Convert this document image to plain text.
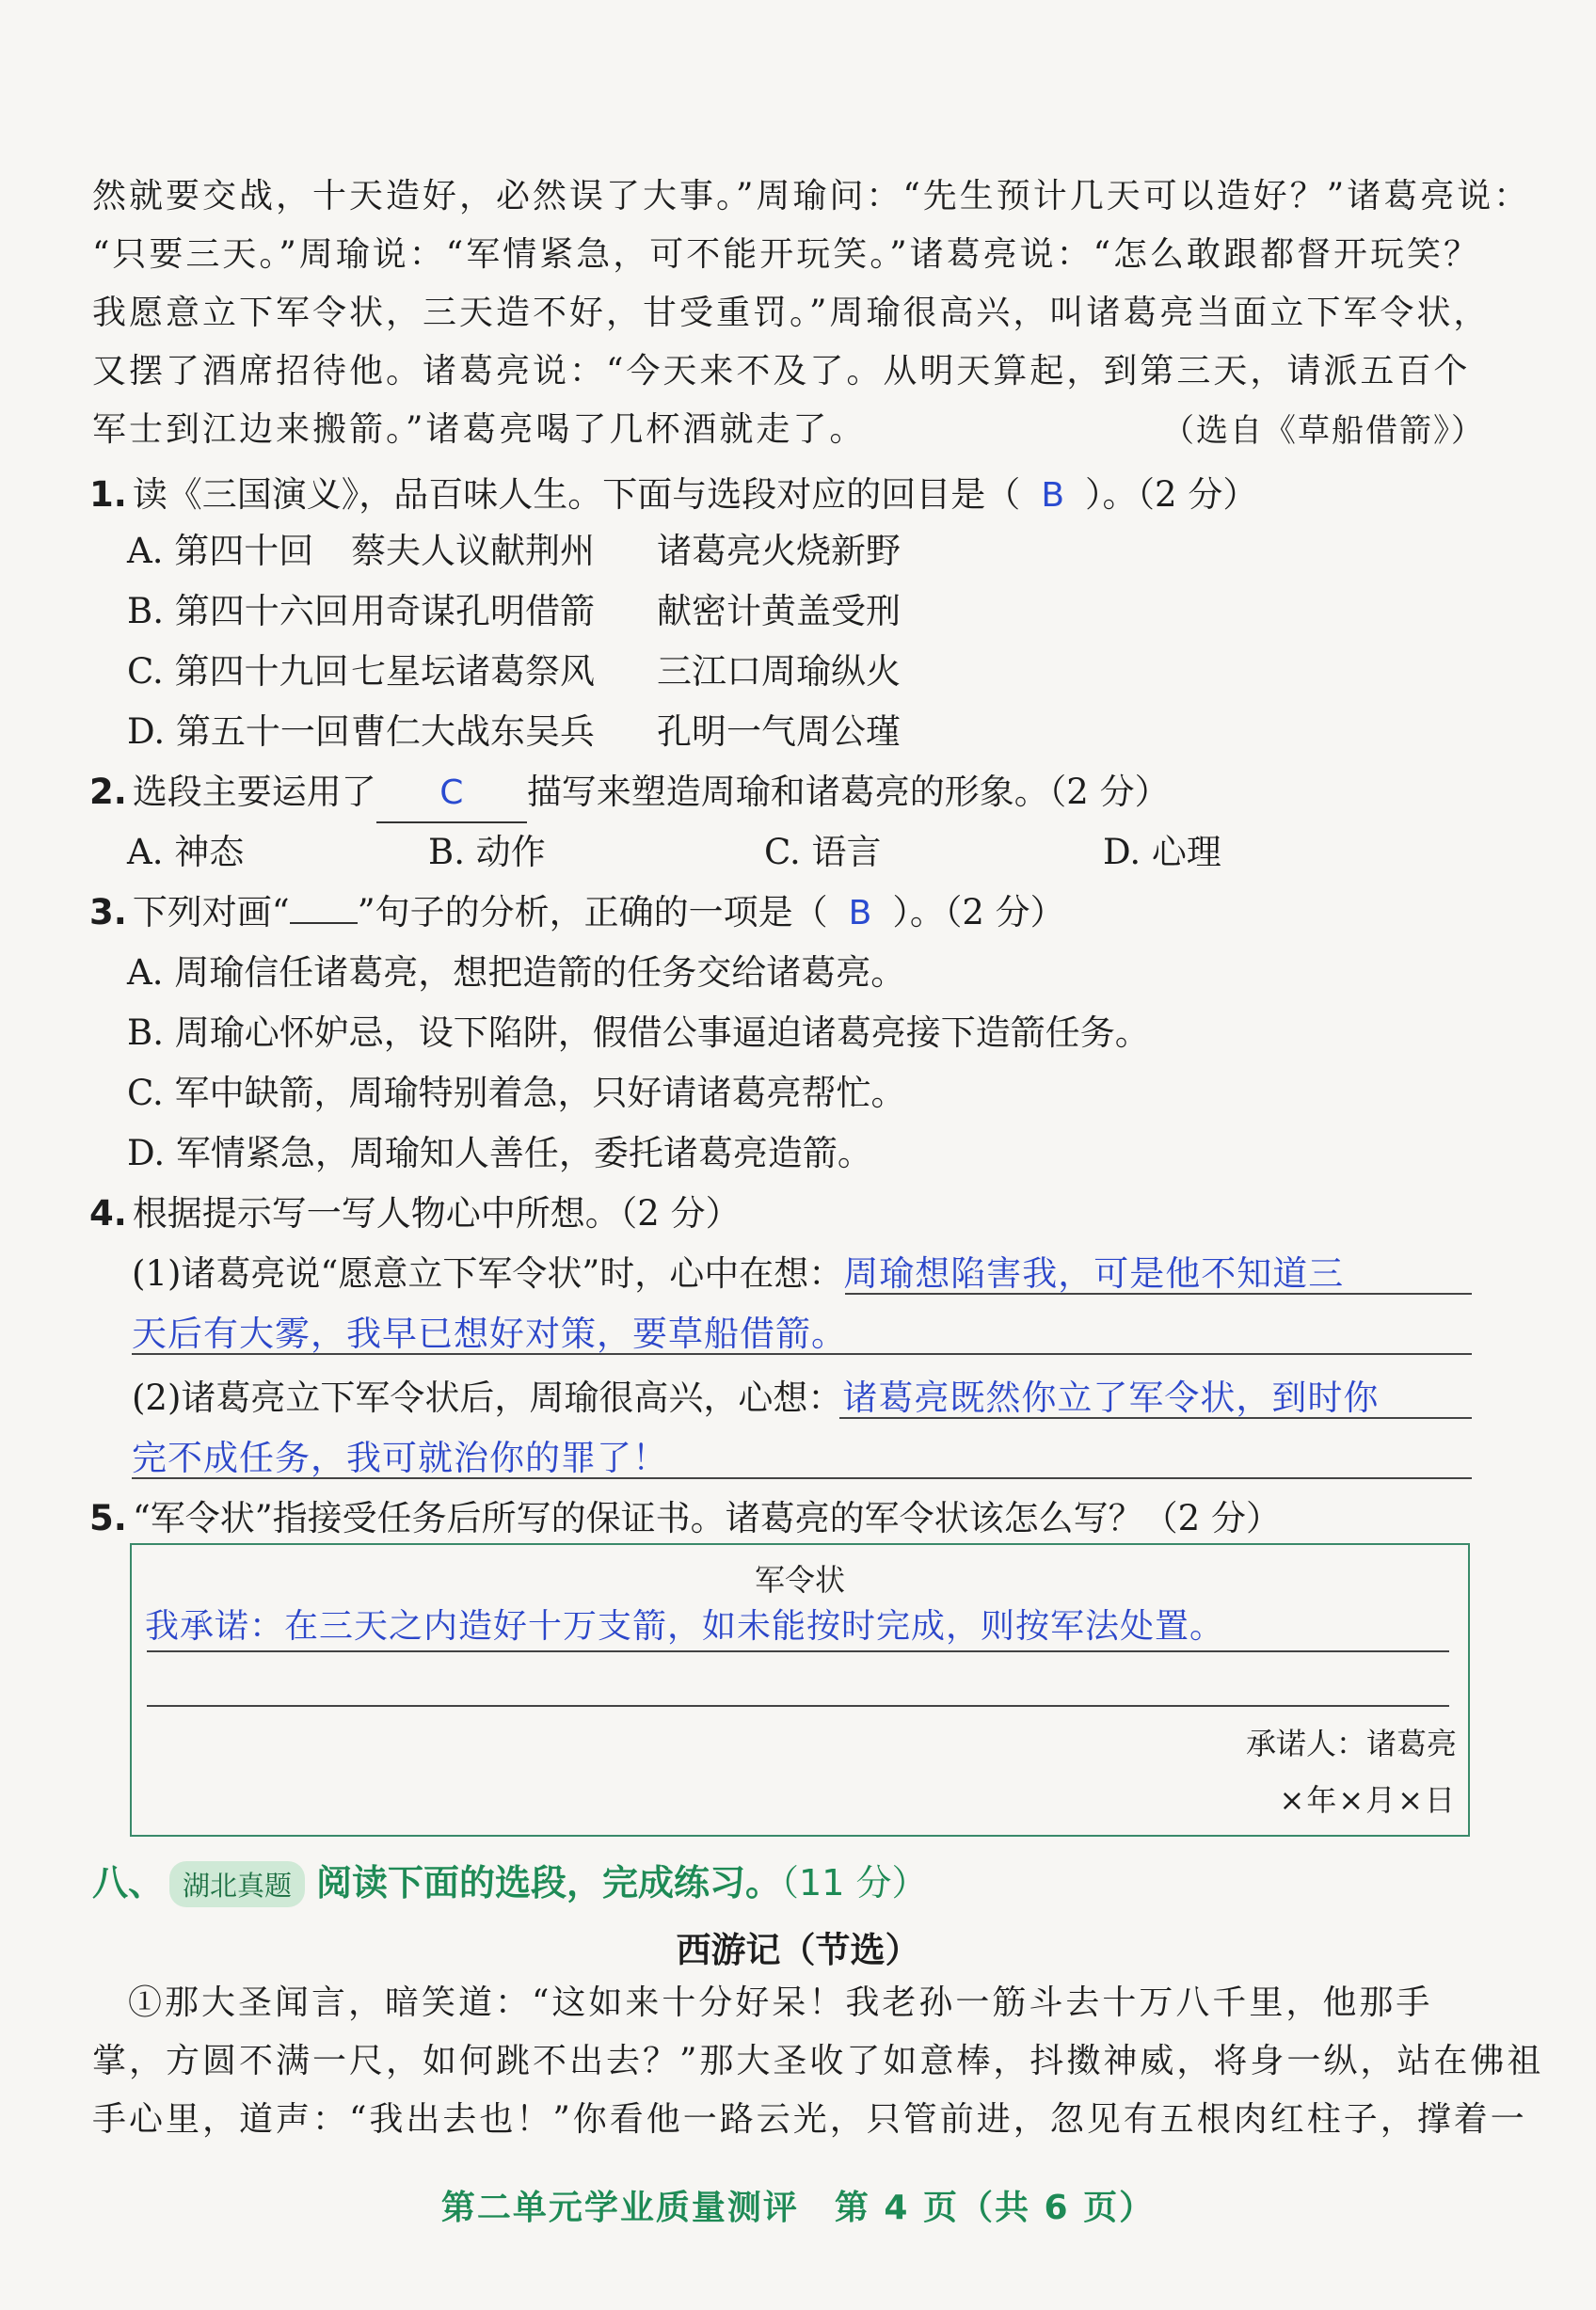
然就要交战，十天造好，必然误了大事。”周瑜问：“先生预计几天可以造好？”诸葛亮说：
“只要三天。”周瑜说：“军情紧急，可不能开玩笑。”诸葛亮说：“怎么敢跟都督开玩笑？
我愿意立下军令状，三天造不好，甘受重罚。”周瑜很高兴，叫诸葛亮当面立下军令状，
又摆了酒席招待他。诸葛亮说：“今天来不及了。从明天算起，到第三天，请派五百个
军士到江边来搬箭。”诸葛亮喝了几杯酒就走了。	（选自《草船借箭》）
1. 读《三国演义》，品百味人生。下面与选段对应的回目是（ B ）。（2 分）
A. 第四十回 蔡夫人议献荆州 诸葛亮火烧新野
B. 第四十六回用奇谋孔明借箭 献密计黄盖受刑
C. 第四十九回七星坛诸葛祭风 三江口周瑜纵火
D. 第五十一回曹仁大战东吴兵 孔明一气周公瑾
2. 选段主要运用了 C 描写来塑造周瑜和诸葛亮的形象。（2 分）
A. 神态	B. 动作	C. 语言	D. 心理
3. 下列对画“ ”句子的分析，正确的一项是（ B ）。（2 分）
A. 周瑜信任诸葛亮，想把造箭的任务交给诸葛亮。
B. 周瑜心怀妒忌，设下陷阱，假借公事逼迫诸葛亮接下造箭任务。
C. 军中缺箭，周瑜特别着急，只好请诸葛亮帮忙。
D. 军情紧急，周瑜知人善任，委托诸葛亮造箭。
4. 根据提示写一写人物心中所想。（2 分）
(1)诸葛亮说“愿意立下军令状”时，心中在想：周瑜想陷害我，可是他不知道三
天后有大雾，我早已想好对策，要草船借箭。
(2)诸葛亮立下军令状后，周瑜很高兴，心想：诸葛亮既然你立了军令状，到时你
完不成任务，我可就治你的罪了！
5. “军令状”指接受任务后所写的保证书。诸葛亮的军令状该怎么写？（2 分）
军令状
我承诺：在三天之内造好十万支箭，如未能按时完成，则按军法处置。
承诺人：诸葛亮
×年×月×日
八、 湖北真题 阅读下面的选段，完成练习。（11 分）
西游记（节选）
①那大圣闻言，暗笑道：“这如来十分好呆！我老孙一筋斗去十万八千里，他那手
掌，方圆不满一尺，如何跳不出去？”那大圣收了如意棒，抖擞神威，将身一纵，站在佛祖
手心里，道声：“我出去也！”你看他一路云光，只管前进，忽见有五根肉红柱子，撑着一
第二单元学业质量测评　第 4 页（共 6 页）
